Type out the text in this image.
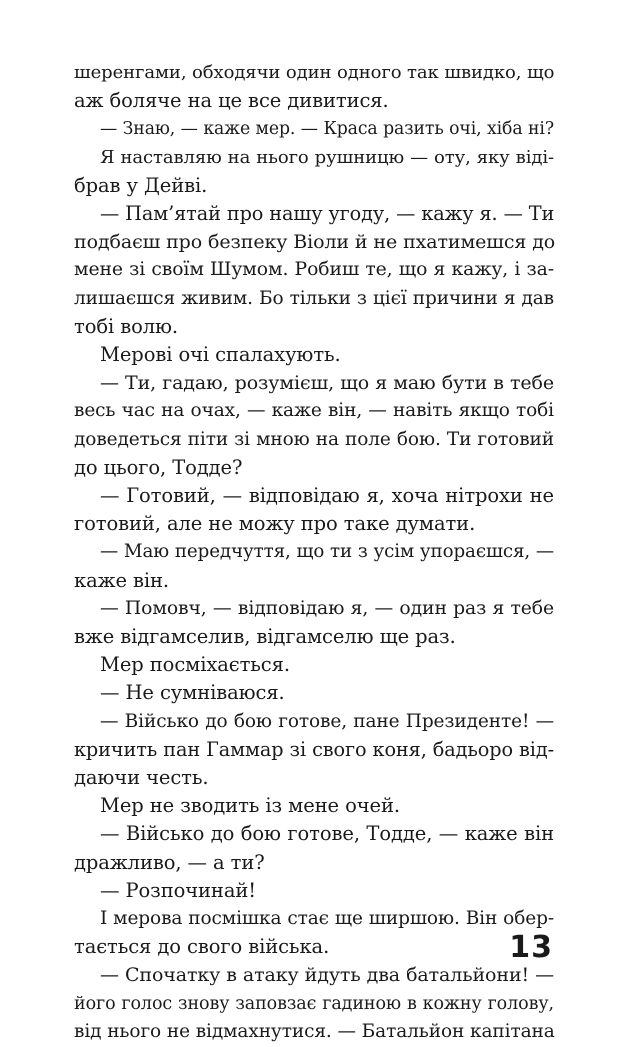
шеренгами, обходячи один одного так швидко, що
аж боляче на це все дивитися.
— Знаю, — каже мер. — Краса разить очі, хіба ні?
Я наставляю на нього рушницю — оту, яку віді-
брав у Дейві.
— Пам’ятай про нашу угоду, — кажу я. — Ти
подбаєш про безпеку Віоли й не пхатимешся до
мене зі своїм Шумом. Робиш те, що я кажу, і за-
лишаєшся живим. Бо тільки з цієї причини я дав
тобі волю.
Мерові очі спалахують.
— Ти, гадаю, розумієш, що я маю бути в тебе
весь час на очах, — каже він, — навіть якщо тобі
доведеться піти зі мною на поле бою. Ти готовий
до цього, Тодде?
— Готовий, — відповідаю я, хоча нітрохи не
готовий, але не можу про таке думати.
— Маю передчуття, що ти з усім упораєшся, —
каже він.
— Помовч, — відповідаю я, — один раз я тебе
вже відгамселив, відгамселю ще раз.
Мер посміхається.
— Не сумніваюся.
— Військо до бою готове, пане Президенте! —
кричить пан Гаммар зі свого коня, бадьоро від-
даючи честь.
Мер не зводить із мене очей.
— Військо до бою готове, Тодде, — каже він
дражливо, — а ти?
— Розпочинай!
І мерова посмішка стає ще ширшою. Він обер-
тається до свого війська.
— Спочатку в атаку йдуть два батальйони! —
його голос знову заповзає гадиною в кожну голову,
від нього не відмахнутися. — Батальйон капітана
13
